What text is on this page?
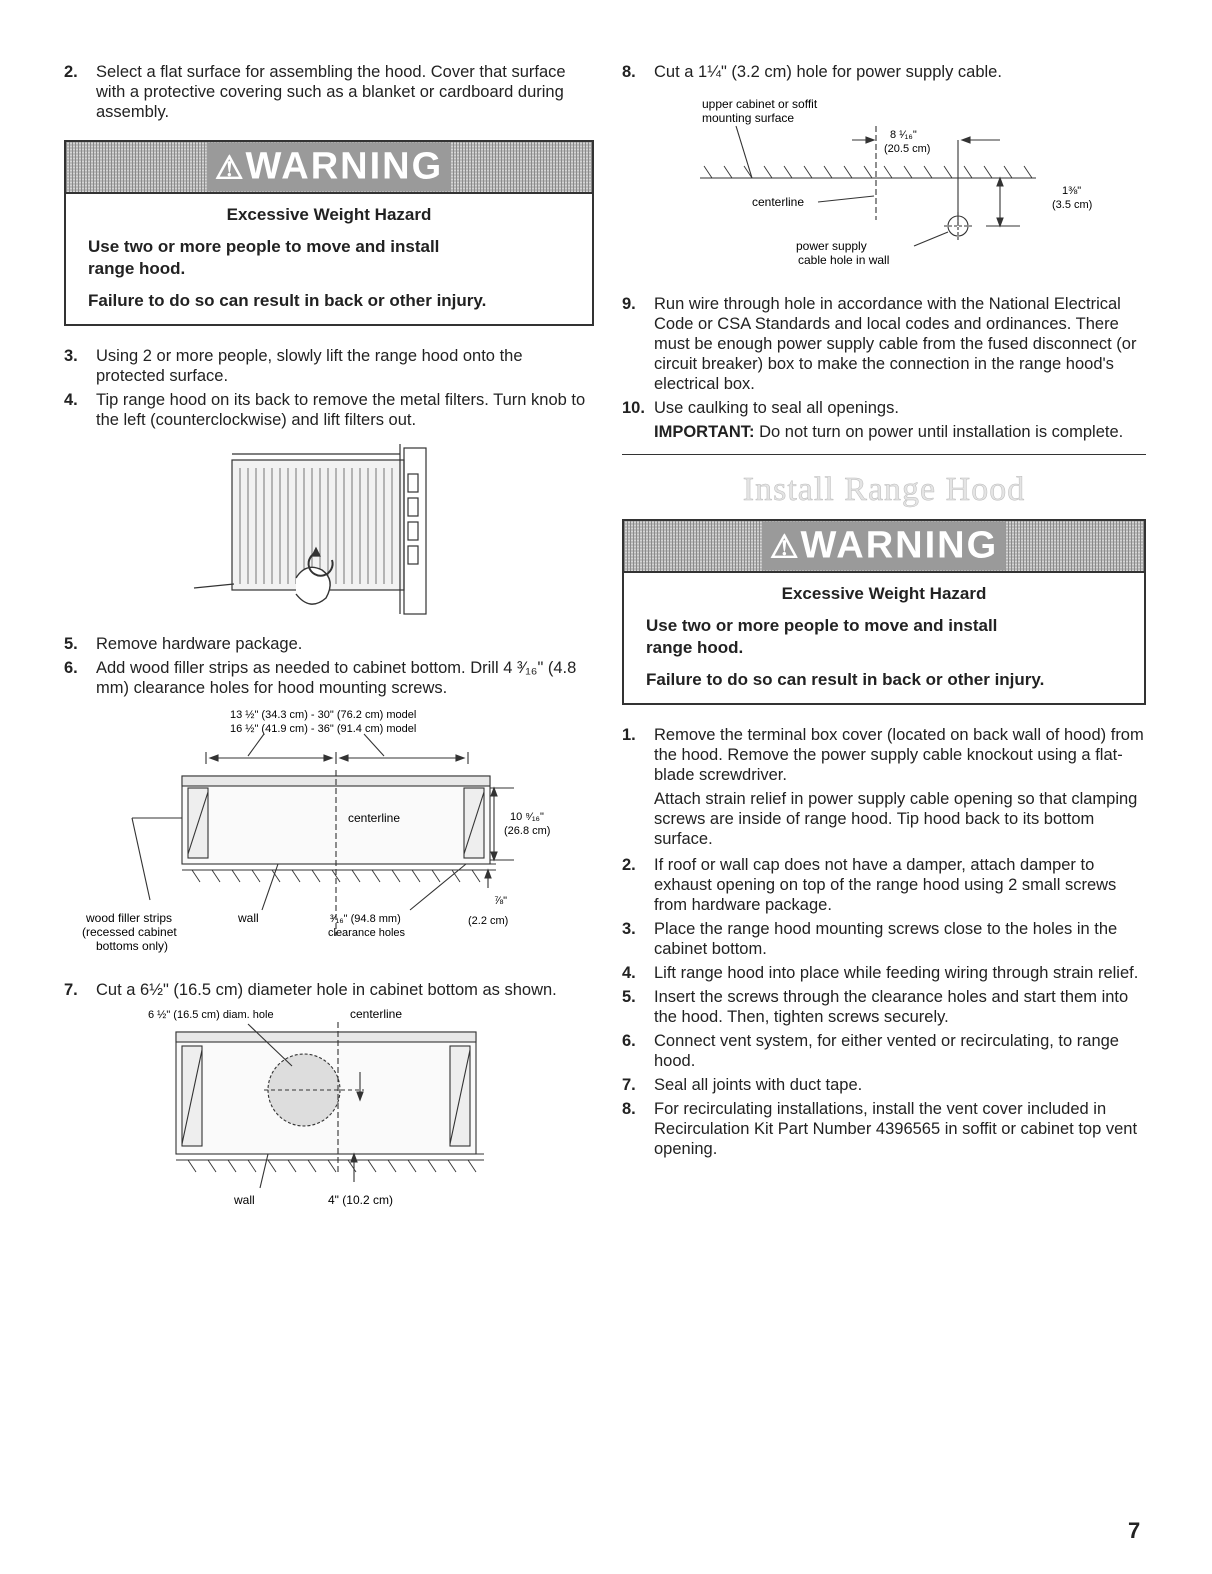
2.	Select a flat surface for assembling the hood. Cover that surface with a protective covering such as a blanket or cardboard during assembly.
⚠WARNING
Excessive Weight Hazard
Use two or more people to move and install range hood.
Failure to do so can result in back or other injury.
3.	Using 2 or more people, slowly lift the range hood onto the protected surface.
4.	Tip range hood on its back to remove the metal filters. Turn knob to the left (counterclockwise) and lift filters out.
5.	Remove hardware package.
6.	Add wood filler strips as needed to cabinet bottom. Drill 4 ³⁄₁₆" (4.8 mm) clearance holes for hood mounting screws.
13 ½" (34.3 cm) - 30" (76.2 cm) model
16 ½" (41.9 cm) - 36" (91.4 cm) model
centerline	10 ⁹⁄₁₆"
(26.8 cm)
wood filler strips
(recessed cabinet
bottoms only)
wall	³⁄₁₆" (94.8 mm)
clearance holes
⅞"
(2.2 cm)
7.	Cut a 6½" (16.5 cm) diameter hole in cabinet bottom as shown.
6 ½" (16.5 cm) diam. hole	centerline
wall	4" (10.2 cm)
8.	Cut a 1¼" (3.2 cm) hole for power supply cable.
upper cabinet or soffit
mounting surface
8 ¹⁄₁₆"
(20.5 cm)
1⅜"
(3.5 cm)
centerline
power supply
cable hole in wall
9.	Run wire through hole in accordance with the National Electrical Code or CSA Standards and local codes and ordinances. There must be enough power supply cable from the fused disconnect (or circuit breaker) box to make the connection in the range hood's electrical box.
10. Use caulking to seal all openings.
IMPORTANT: Do not turn on power until installation is complete.
Install Range Hood
⚠WARNING
Excessive Weight Hazard
Use two or more people to move and install range hood.
Failure to do so can result in back or other injury.
1.	Remove the terminal box cover (located on back wall of hood) from the hood. Remove the power supply cable knockout using a flat-blade screwdriver.
Attach strain relief in power supply cable opening so that clamping screws are inside of range hood. Tip hood back to its bottom surface.
2.	If roof or wall cap does not have a damper, attach damper to exhaust opening on top of the range hood using 2 small screws from hardware package.
3.	Place the range hood mounting screws close to the holes in the cabinet bottom.
4.	Lift range hood into place while feeding wiring through strain relief.
5.	Insert the screws through the clearance holes and start them into the hood. Then, tighten screws securely.
6.	Connect vent system, for either vented or recirculating, to range hood.
7.	Seal all joints with duct tape.
8.	For recirculating installations, install the vent cover included in Recirculation Kit Part Number 4396565 in soffit or cabinet top vent opening.
7
